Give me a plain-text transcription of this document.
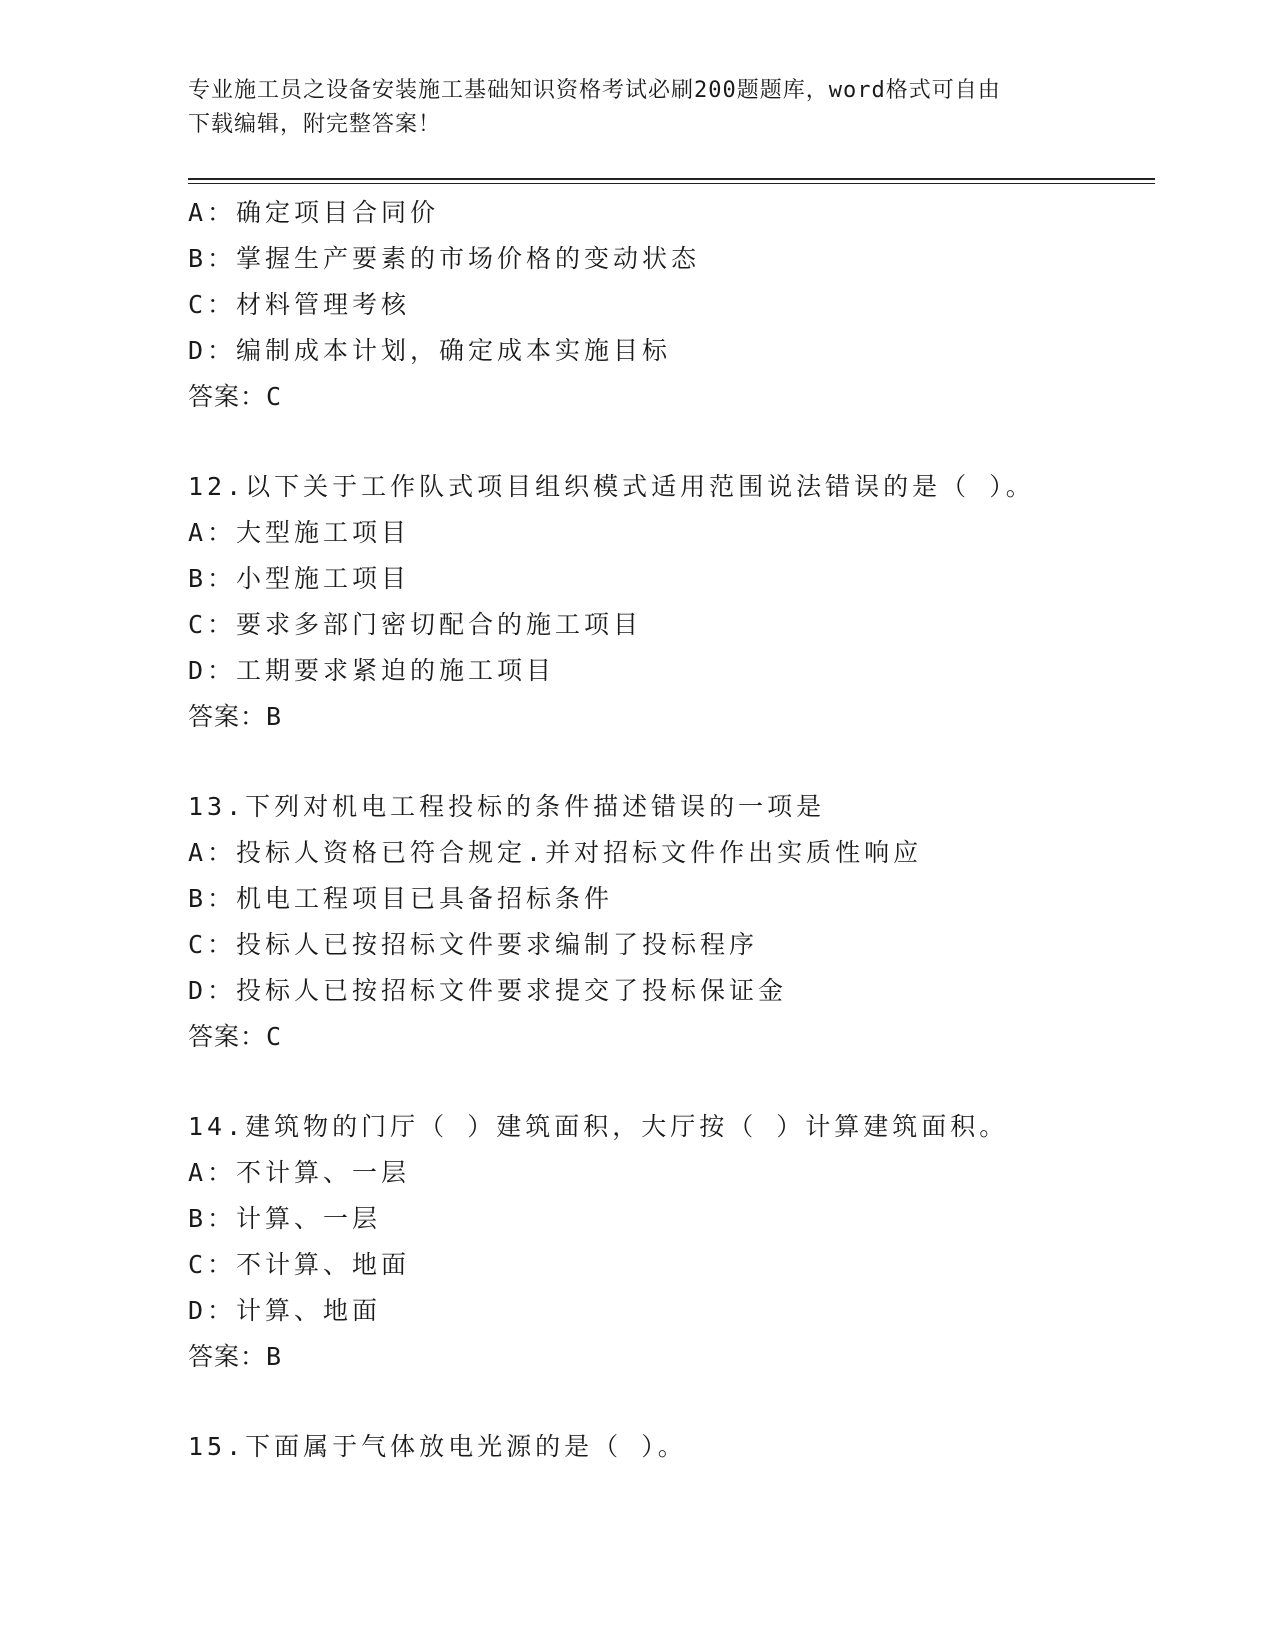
专业施工员之设备安装施工基础知识资格考试必刷200题题库，word格式可自由
下载编辑，附完整答案！
A：确定项目合同价
B：掌握生产要素的市场价格的变动状态
C：材料管理考核
D：编制成本计划，确定成本实施目标
答案：C
12.以下关于工作队式项目组织模式适用范围说法错误的是（ ）。
A：大型施工项目
B：小型施工项目
C：要求多部门密切配合的施工项目
D：工期要求紧迫的施工项目
答案：B
13.下列对机电工程投标的条件描述错误的一项是
A：投标人资格已符合规定.并对招标文件作出实质性响应
B：机电工程项目已具备招标条件
C：投标人已按招标文件要求编制了投标程序
D：投标人已按招标文件要求提交了投标保证金
答案：C
14.建筑物的门厅（ ）建筑面积，大厅按（ ）计算建筑面积。
A：不计算、一层
B：计算、一层
C：不计算、地面
D：计算、地面
答案：B
15.下面属于气体放电光源的是（ ）。
